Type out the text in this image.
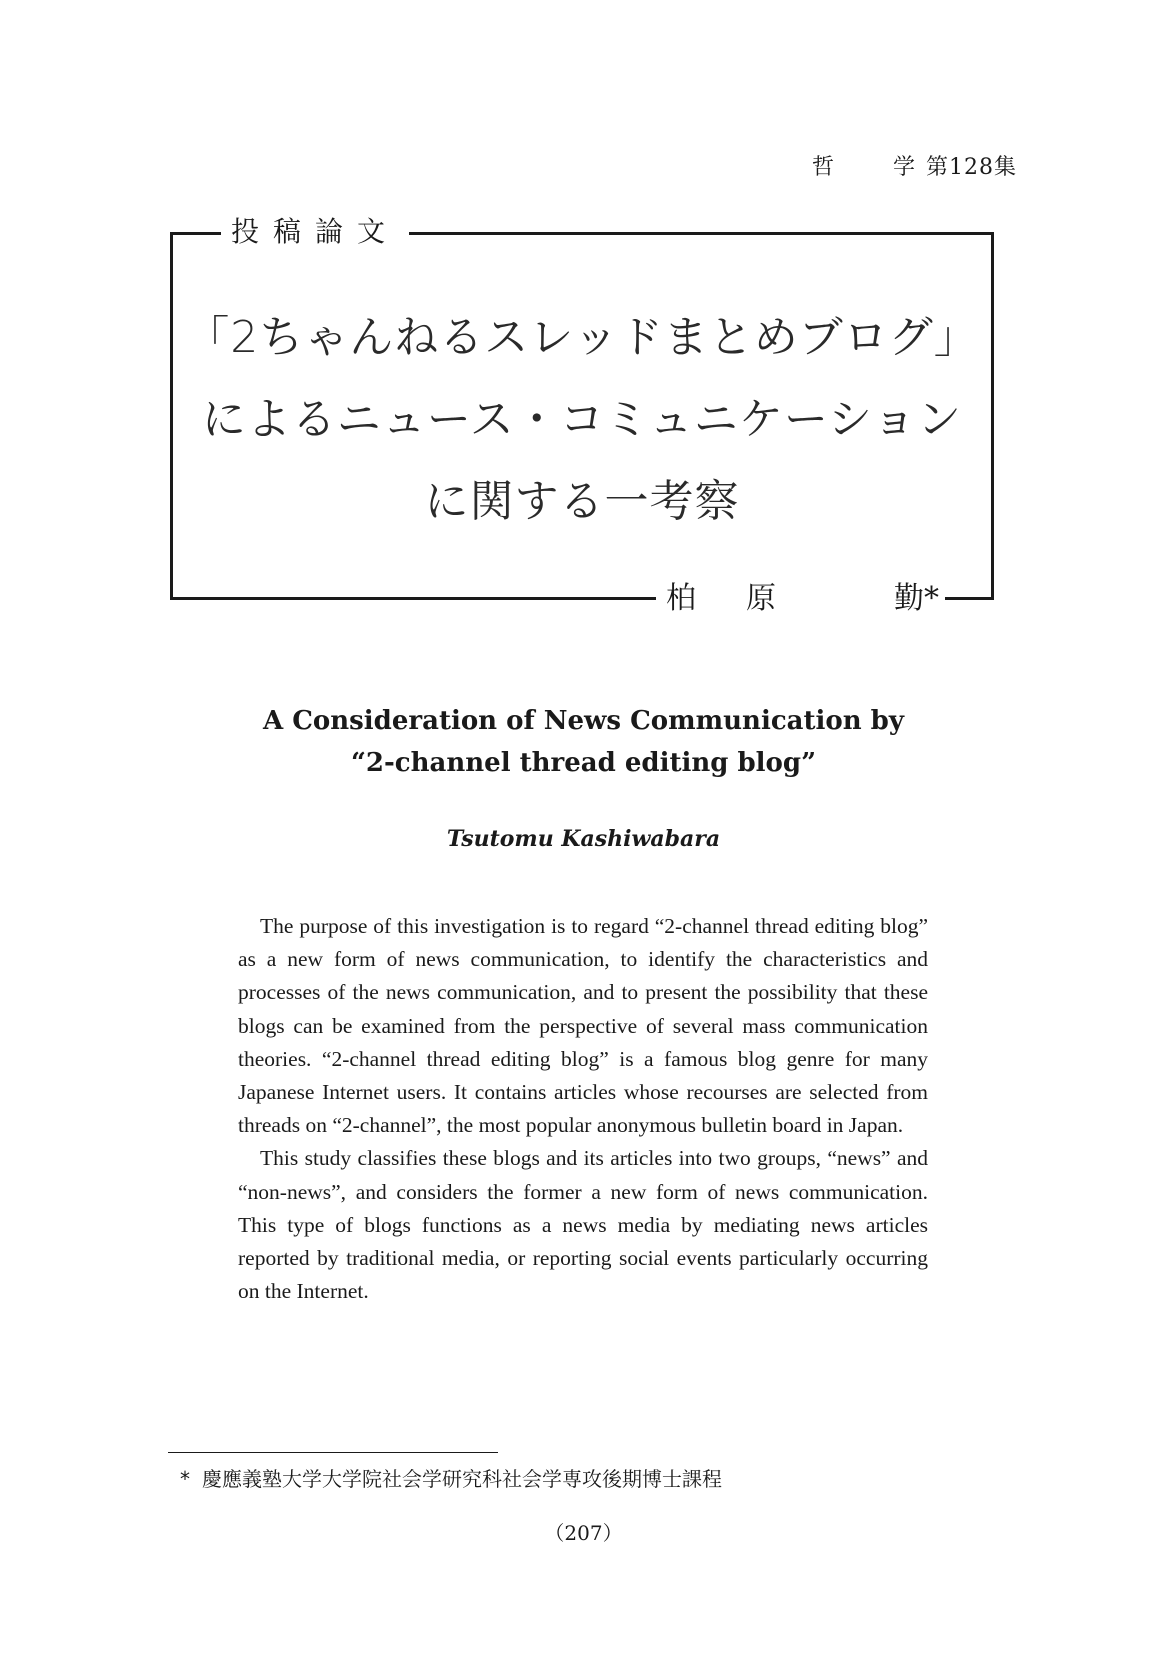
哲	学 第128集
投稿論文
「2ちゃんねるスレッドまとめブログ」
によるニュース・コミュニケーション
に関する一考察
柏 原	勤*
A Consideration of News Communication by
“2-channel thread editing blog”
Tsutomu Kashiwabara

The purpose of this investigation is to regard “2-channel thread editing blog” as a new form of news communication, to identify the characteristics and processes of the news communication, and to present the possibility that these blogs can be examined from the perspective of several mass communication theories. “2-channel thread editing blog” is a famous blog genre for many Japanese Internet users. It contains articles whose recourses are selected from threads on “2-channel”, the most popular anonymous bulletin board in Japan.

This study classifies these blogs and its articles into two groups, “news” and “non-news”, and considers the former a new form of news communication. This type of blogs functions as a news media by mediating news articles reported by traditional media, or reporting social events particularly occurring on the Internet.

* 慶應義塾大学大学院社会学研究科社会学専攻後期博士課程
（207）
